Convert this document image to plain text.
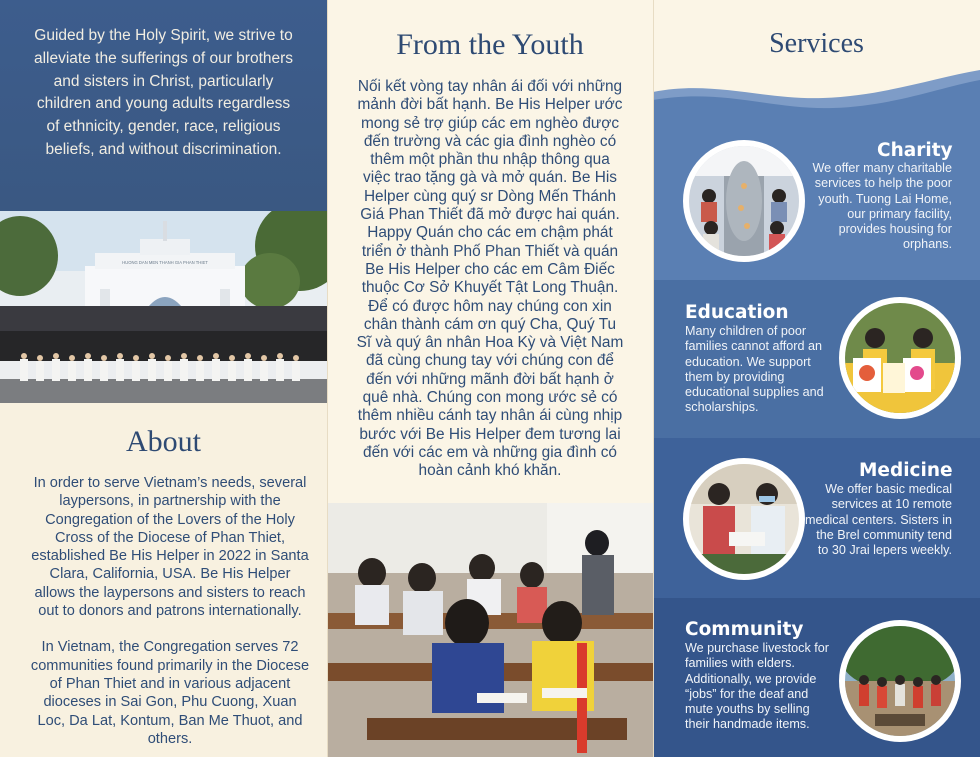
Guided by the Holy Spirit, we strive to alleviate the sufferings of our brothers and sisters in Christ, particularly children and young adults regardless of ethnicity, gender, race, religious beliefs, and without discrimination.
HUONG DAN MEN THANH GIA PHAN THIET
About

In order to serve Vietnam’s needs, several laypersons, in partnership with the Congregation of the Lovers of the Holy Cross of the Diocese of Phan Thiet, established Be His Helper in 2022 in Santa Clara, California, USA. Be His Helper allows the laypersons and sisters to reach out to donors and patrons internationally.

In Vietnam, the Congregation serves 72 communities found primarily in the Diocese of Phan Thiet and in various adjacent dioceses in Sai Gon, Phu Cuong, Xuan Loc, Da Lat, Kontum, Ban Me Thuot, and others.

From the Youth

Nối kết vòng tay nhân ái đối với những mảnh đời bất hạnh. Be His Helper ước mong sẻ trợ giúp các em nghèo được đến trường và các gia đình nghèo có thêm một phần thu nhập thông qua việc trao tặng gà và mở quán. Be His Helper cùng quý sr Dòng Mến Thánh Giá Phan Thiết đã mở được hai quán.

Happy Quán cho các em chậm phát triển ở thành Phố Phan Thiết và quán Be His Helper cho các em Câm Điếc thuộc Cơ Sở Khuyết Tật Long Thuận. Để có được hôm nay chúng con xin chân thành cám ơn quý Cha, Quý Tu Sĩ và quý ân nhân Hoa Kỳ và Việt Nam đã cùng chung tay với chúng con để đến với những mãnh đời bất hạnh ở quê nhà. Chúng con mong ước sẻ có thêm nhiều cánh tay nhân ái cùng nhịp bước với Be His Helper đem tương lai đến với các em và những gia đình có hoàn cảnh khó khăn.

Services
Charity
We offer many charitable services to help the poor youth. Tuong Lai Home, our primary facility, provides housing for orphans.
Education
Many children of poor families cannot afford an education. We support them by providing educational supplies and scholarships.
Medicine
We offer basic medical services at 10 remote medical centers. Sisters in the Brel community tend to 30 Jrai lepers weekly.
Community
We purchase livestock for families with elders. Additionally, we provide “jobs” for the deaf and mute youths by selling their handmade items.
